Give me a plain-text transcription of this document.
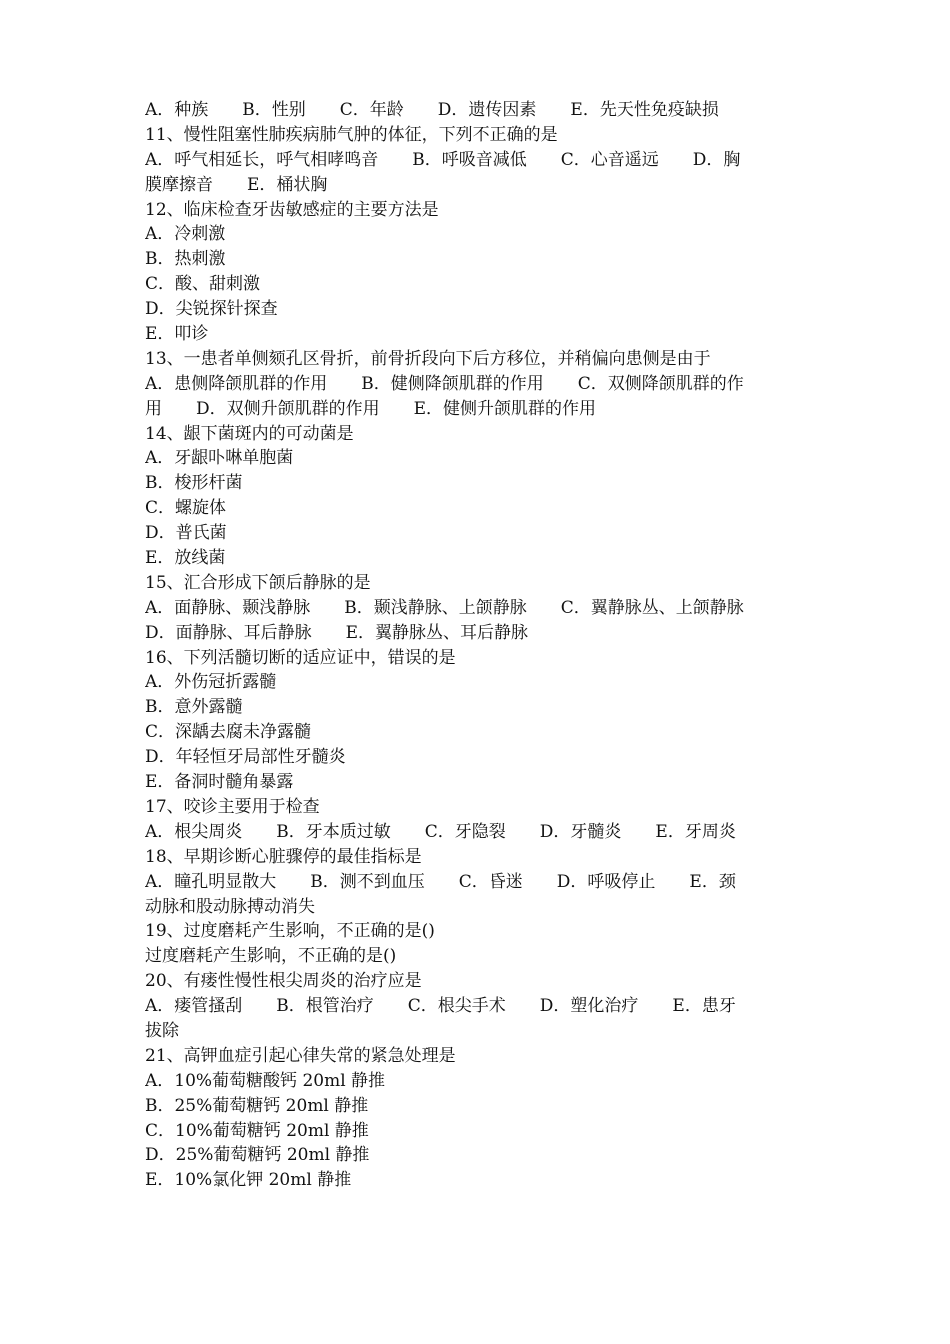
A．种族　　B．性别　　C．年龄　　D．遗传因素　　E．先天性免疫缺损
11、慢性阻塞性肺疾病肺气肿的体征，下列不正确的是
A．呼气相延长，呼气相哮鸣音　　B．呼吸音减低　　C．心音遥远　　D．胸
膜摩擦音　　E．桶状胸
12、临床检查牙齿敏感症的主要方法是
A．冷刺激
B．热刺激
C．酸、甜刺激
D．尖锐探针探查
E．叩诊
13、一患者单侧颏孔区骨折，前骨折段向下后方移位，并稍偏向患侧是由于
A．患侧降颌肌群的作用　　B．健侧降颌肌群的作用　　C．双侧降颌肌群的作
用　　D．双侧升颌肌群的作用　　E．健侧升颌肌群的作用
14、龈下菌斑内的可动菌是
A．牙龈卟啉单胞菌
B．梭形杆菌
C．螺旋体
D．普氏菌
E．放线菌
15、汇合形成下颌后静脉的是
A．面静脉、颞浅静脉　　B．颞浅静脉、上颌静脉　　C．翼静脉丛、上颌静脉
D．面静脉、耳后静脉　　E．翼静脉丛、耳后静脉
16、下列活髓切断的适应证中，错误的是
A．外伤冠折露髓
B．意外露髓
C．深龋去腐未净露髓
D．年轻恒牙局部性牙髓炎
E．备洞时髓角暴露
17、咬诊主要用于检查
A．根尖周炎　　B．牙本质过敏　　C．牙隐裂　　D．牙髓炎　　E．牙周炎
18、早期诊断心脏骤停的最佳指标是
A．瞳孔明显散大　　B．测不到血压　　C．昏迷　　D．呼吸停止　　E．颈
动脉和股动脉搏动消失
19、过度磨耗产生影响，不正确的是()
过度磨耗产生影响，不正确的是()
20、有瘘性慢性根尖周炎的治疗应是
A．瘘管搔刮　　B．根管治疗　　C．根尖手术　　D．塑化治疗　　E．患牙
拔除
21、高钾血症引起心律失常的紧急处理是
A．10%葡萄糖酸钙 20ml 静推
B．25%葡萄糖钙 20ml 静推
C．10%葡萄糖钙 20ml 静推
D．25%葡萄糖钙 20ml 静推
E．10%氯化钾 20ml 静推
